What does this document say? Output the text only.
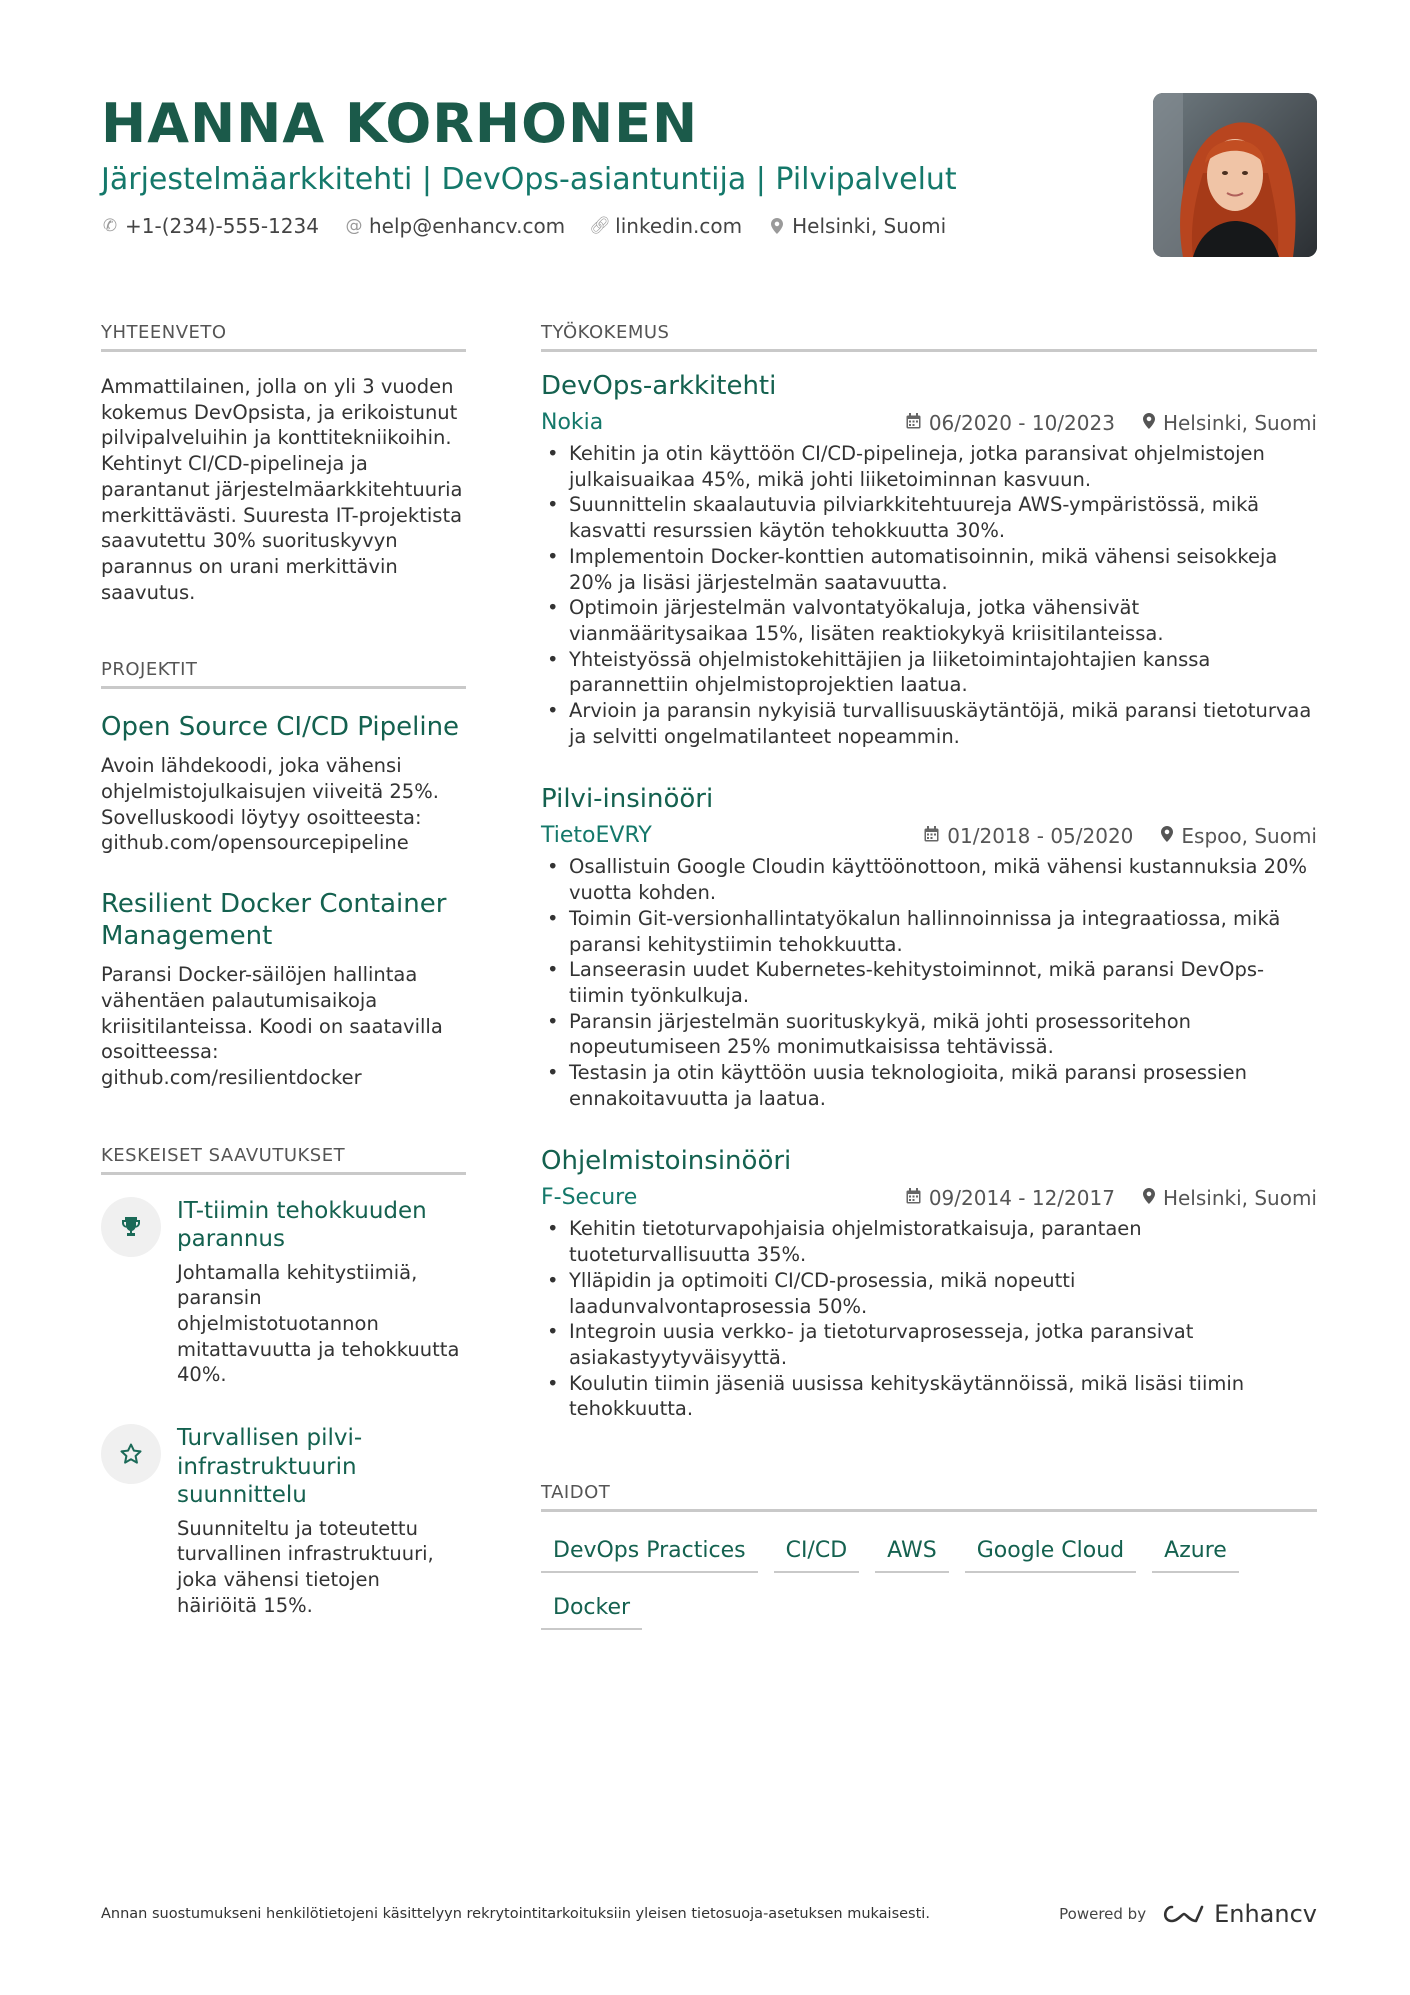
HANNA KORHONEN
Järjestelmäarkkitehti | DevOps-asiantuntija | Pilvipalvelut
✆ +1-(234)-555-1234 @ help@enhancv.com 🔗︎ linkedin.com	Helsinki, Suomi
YHTEENVETO

Ammattilainen, jolla on yli 3 vuoden kokemus DevOpsista, ja erikoistunut pilvipalveluihin ja konttitekniikoihin. Kehtinyt CI/CD-pipelineja ja parantanut järjestelmäarkkitehtuuria merkittävästi. Suuresta IT-projektista saavutettu 30% suorituskyvyn parannus on urani merkittävin saavutus.

PROJEKTIT
Open Source CI/CD Pipeline
Avoin lähdekoodi, joka vähensi ohjelmistojulkaisujen viiveitä 25%. Sovelluskoodi löytyy osoitteesta: github.com/opensourcepipeline
Resilient Docker Container Management
Paransi Docker-säilöjen hallintaa vähentäen palautumisaikoja kriisitilanteissa. Koodi on saatavilla osoitteessa: github.com/resilientdocker
KESKEISET SAAVUTUKSET
IT-tiimin tehokkuuden parannus
Johtamalla kehitystiimiä, paransin ohjelmistotuotannon mitattavuutta ja tehokkuutta 40%.
Turvallisen pilvi-infrastruktuurin suunnittelu
Suunniteltu ja toteutettu turvallinen infrastruktuuri, joka vähensi tietojen häiriöitä 15%.
TYÖKOKEMUS
DevOps-arkkitehti
Nokia	06/2020 - 10/2023 Helsinki, Suomi
• Kehitin ja otin käyttöön CI/CD-pipelineja, jotka paransivat ohjelmistojen julkaisuaikaa 45%, mikä johti liiketoiminnan kasvuun.
• Suunnittelin skaalautuvia pilviarkkitehtuureja AWS-ympäristössä, mikä kasvatti resurssien käytön tehokkuutta 30%.
• Implementoin Docker-konttien automatisoinnin, mikä vähensi seisokkeja 20% ja lisäsi järjestelmän saatavuutta.
• Optimoin järjestelmän valvontatyökaluja, jotka vähensivät vianmääritysaikaa 15%, lisäten reaktiokykyä kriisitilanteissa.
• Yhteistyössä ohjelmistokehittäjien ja liiketoimintajohtajien kanssa parannettiin ohjelmistoprojektien laatua.
• Arvioin ja paransin nykyisiä turvallisuuskäytäntöjä, mikä paransi tietoturvaa ja selvitti ongelmatilanteet nopeammin.
Pilvi-insinööri
TietoEVRY	01/2018 - 05/2020 Espoo, Suomi
• Osallistuin Google Cloudin käyttöönottoon, mikä vähensi kustannuksia 20% vuotta kohden.
• Toimin Git-versionhallintatyökalun hallinnoinnissa ja integraatiossa, mikä paransi kehitystiimin tehokkuutta.
• Lanseerasin uudet Kubernetes-kehitystoiminnot, mikä paransi DevOps-tiimin työnkulkuja.
• Paransin järjestelmän suorituskykyä, mikä johti prosessoritehon nopeutumiseen 25% monimutkaisissa tehtävissä.
• Testasin ja otin käyttöön uusia teknologioita, mikä paransi prosessien ennakoitavuutta ja laatua.
Ohjelmistoinsinööri
F-Secure	09/2014 - 12/2017 Helsinki, Suomi
• Kehitin tietoturvapohjaisia ohjelmistoratkaisuja, parantaen tuoteturvallisuutta 35%.
• Ylläpidin ja optimoiti CI/CD-prosessia, mikä nopeutti laadunvalvontaprosessia 50%.
• Integroin uusia verkko- ja tietoturvaprosesseja, jotka paransivat asiakastyytyväisyyttä.
• Koulutin tiimin jäseniä uusissa kehityskäytännöissä, mikä lisäsi tiimin tehokkuutta.
TAIDOT
DevOps Practices	CI/CD	AWS	Google Cloud	Azure
Docker
Annan suostumukseni henkilötietojeni käsittelyyn rekrytointitarkoituksiin yleisen tietosuoja-asetuksen mukaisesti.	Powered by	Enhancv
